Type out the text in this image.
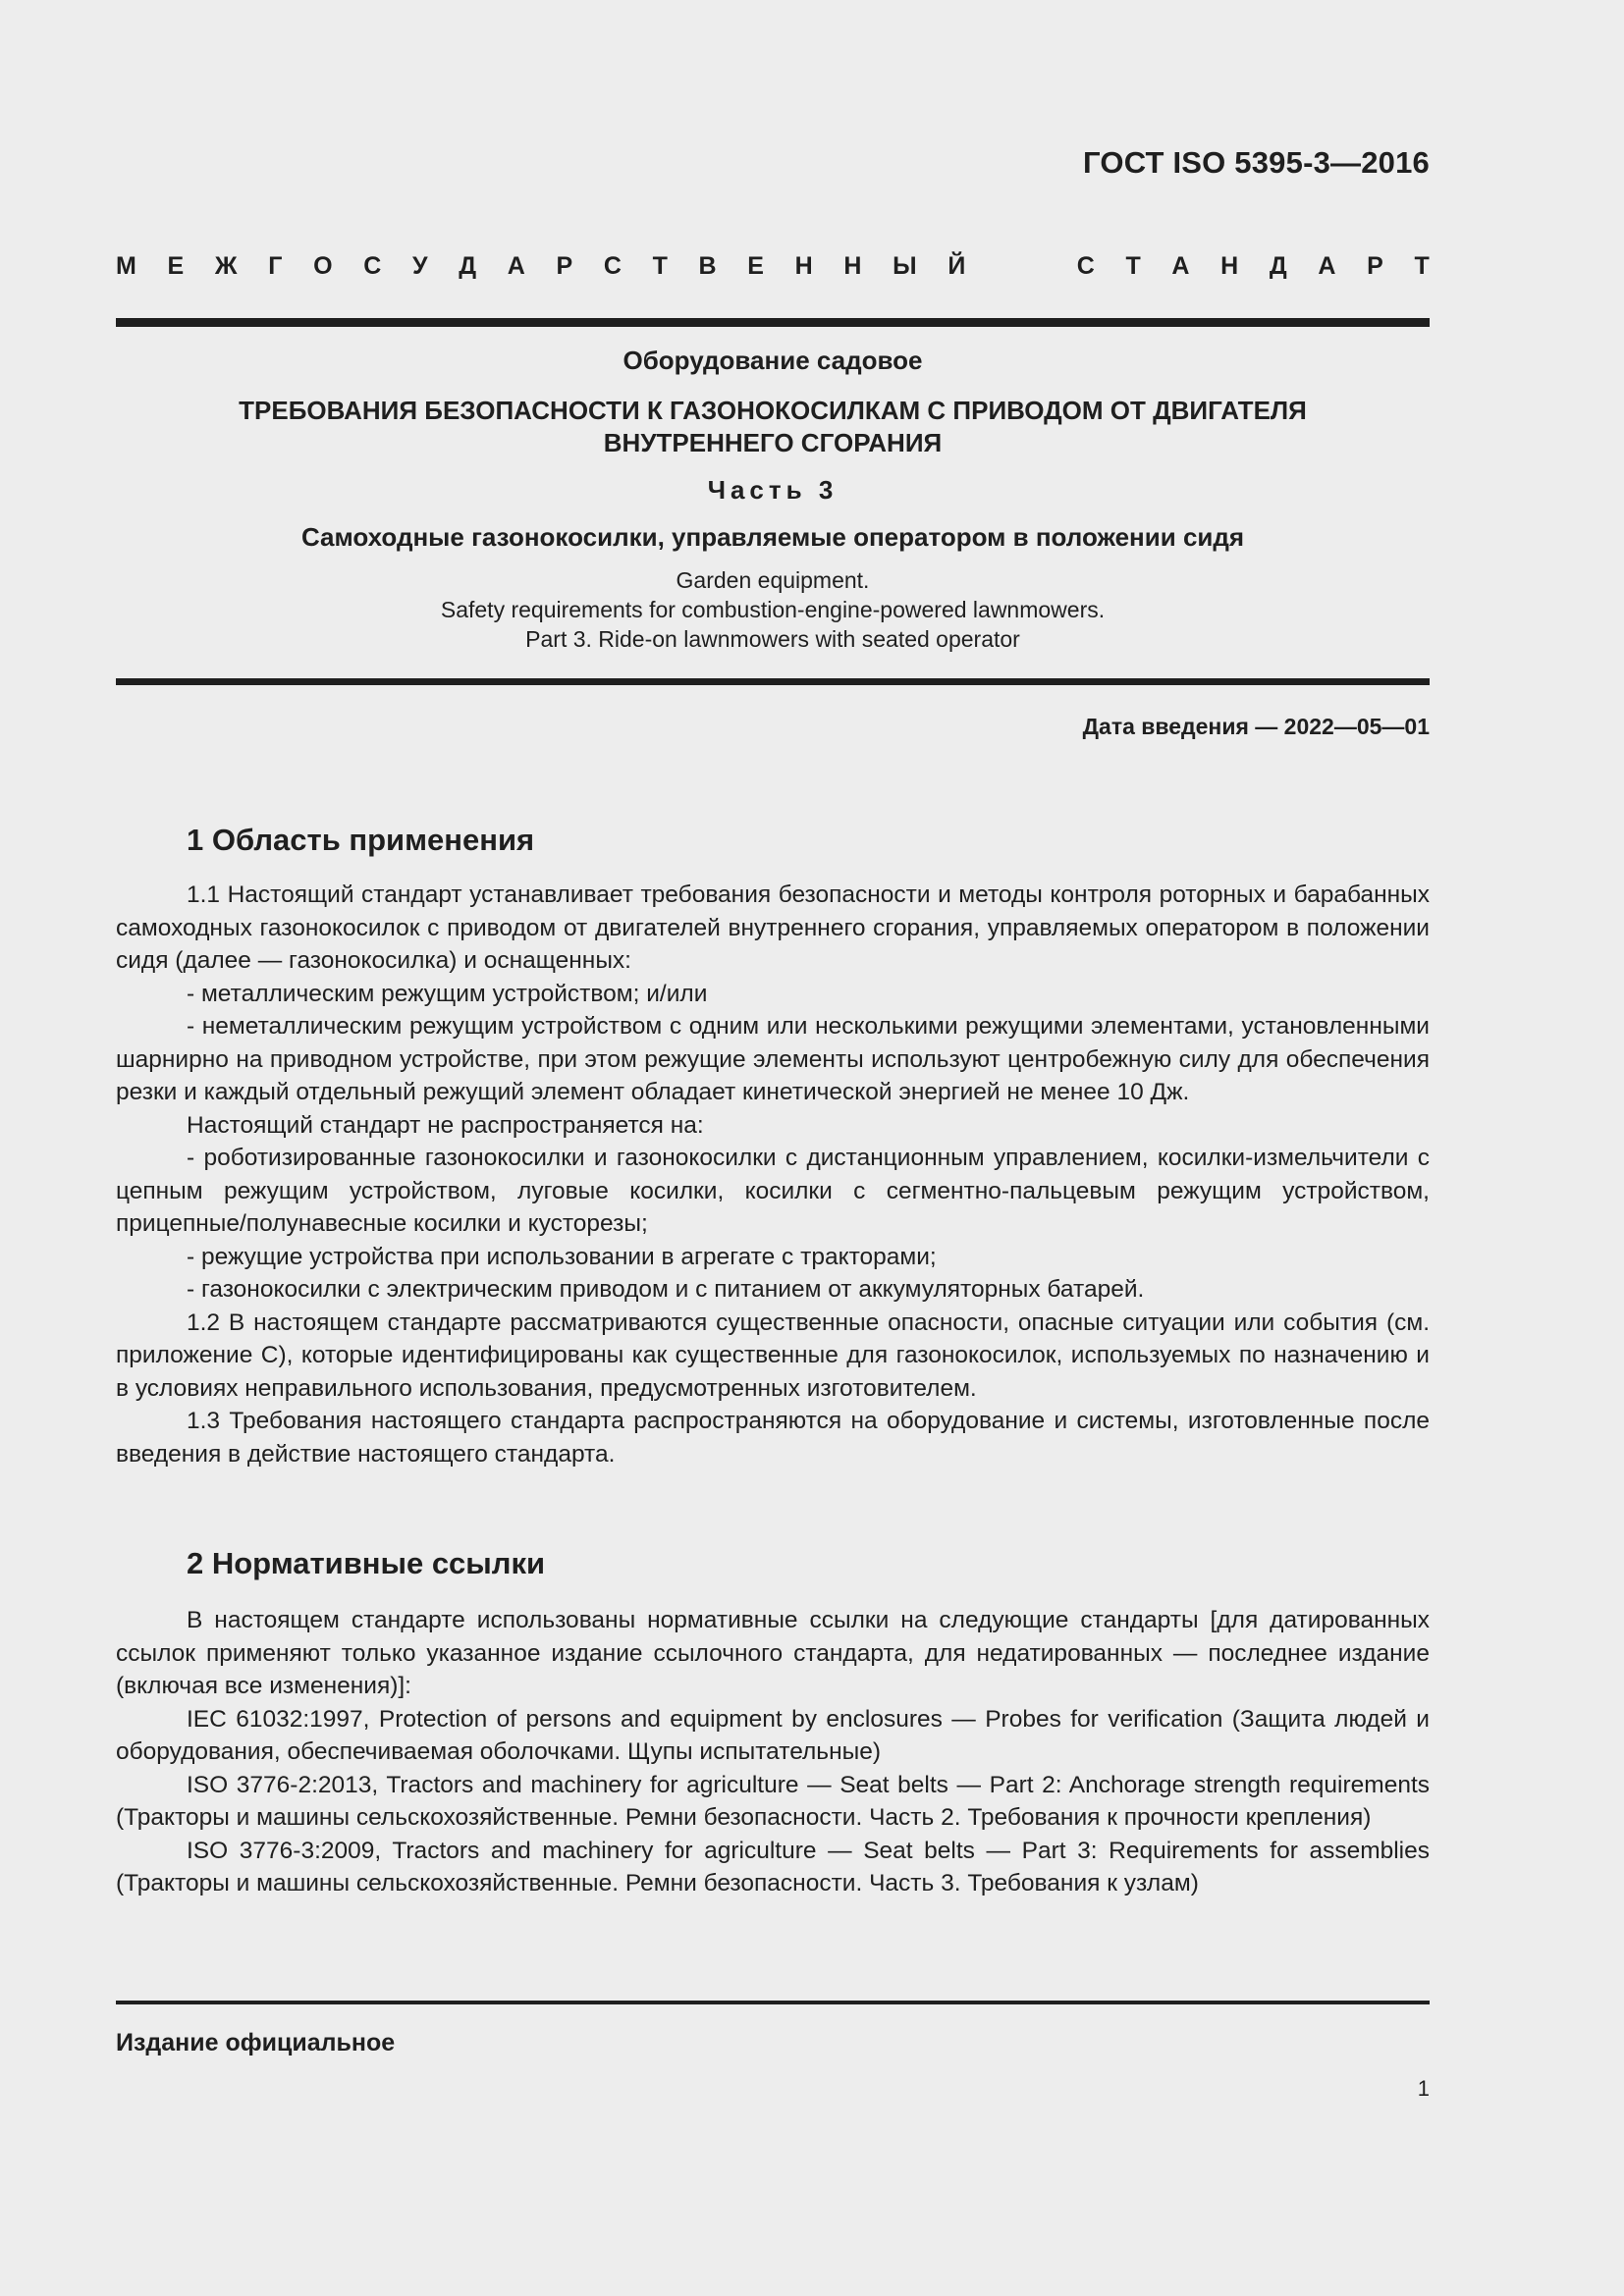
ГОСТ ISO 5395-3—2016
М Е Ж Г О С У Д А Р С Т В Е Н Н Ы Й	С Т А Н Д А Р Т
Оборудование садовое
ТРЕБОВАНИЯ БЕЗОПАСНОСТИ К ГАЗОНОКОСИЛКАМ С ПРИВОДОМ ОТ ДВИГАТЕЛЯ
ВНУТРЕННЕГО СГОРАНИЯ
Часть 3
Самоходные газонокосилки, управляемые оператором в положении сидя
Garden equipment.
Safety requirements for combustion-engine-powered lawnmowers.
Part 3. Ride-on lawnmowers with seated operator
Дата введения — 2022—05—01
1 Область применения

1.1 Настоящий стандарт устанавливает требования безопасности и методы контроля роторных и барабанных самоходных газонокосилок с приводом от двигателей внутреннего сгорания, управляемых оператором в положении сидя (далее — газонокосилка) и оснащенных:

- металлическим режущим устройством; и/или

- неметаллическим режущим устройством с одним или несколькими режущими элементами, установленными шарнирно на приводном устройстве, при этом режущие элементы используют центробежную силу для обеспечения резки и каждый отдельный режущий элемент обладает кинетической энергией не менее 10 Дж.

Настоящий стандарт не распространяется на:

- роботизированные газонокосилки и газонокосилки с дистанционным управлением, косилки-измельчители с цепным режущим устройством, луговые косилки, косилки с сегментно-пальцевым режущим устройством, прицепные/полунавесные косилки и кусторезы;

- режущие устройства при использовании в агрегате с тракторами;

- газонокосилки с электрическим приводом и с питанием от аккумуляторных батарей.

1.2 В настоящем стандарте рассматриваются существенные опасности, опасные ситуации или события (см. приложение С), которые идентифицированы как существенные для газонокосилок, используемых по назначению и в условиях неправильного использования, предусмотренных изготовителем.

1.3 Требования настоящего стандарта распространяются на оборудование и системы, изготовленные после введения в действие настоящего стандарта.

2 Нормативные ссылки

В настоящем стандарте использованы нормативные ссылки на следующие стандарты [для датированных ссылок применяют только указанное издание ссылочного стандарта, для недатированных — последнее издание (включая все изменения)]:

IEC 61032:1997, Protection of persons and equipment by enclosures — Probes for verification (Защита людей и оборудования, обеспечиваемая оболочками. Щупы испытательные)

ISO 3776-2:2013, Tractors and machinery for agriculture — Seat belts — Part 2: Anchorage strength requirements (Тракторы и машины сельскохозяйственные. Ремни безопасности. Часть 2. Требования к прочности крепления)

ISO 3776-3:2009, Tractors and machinery for agriculture — Seat belts — Part 3: Requirements for assemblies (Тракторы и машины сельскохозяйственные. Ремни безопасности. Часть 3. Требования к узлам)

Издание официальное
1
